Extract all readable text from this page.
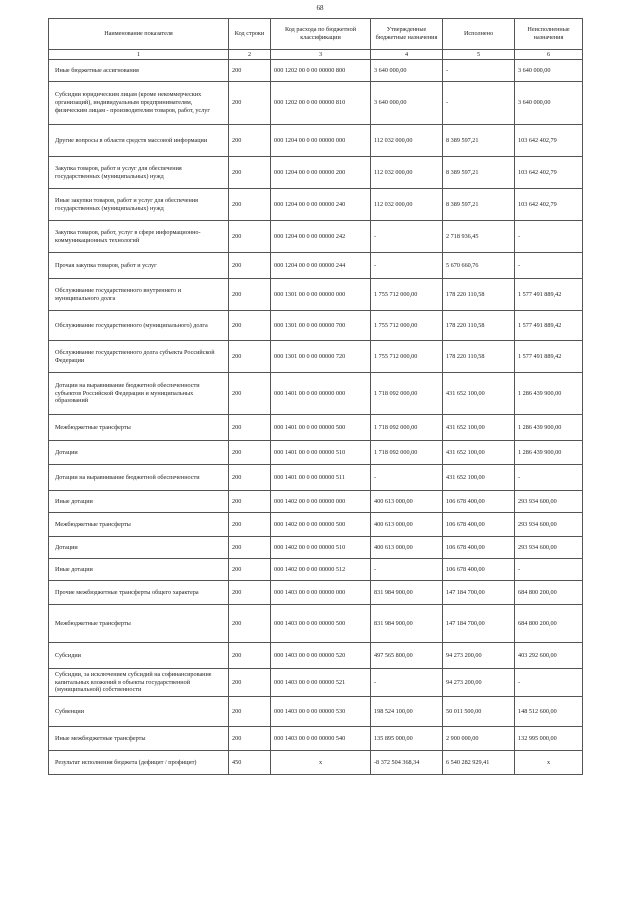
68
Наименование показателя	Код строки	Код расхода по бюджетной классификации	Утвержденные бюджетные назначения	Исполнено	Неисполненные назначения
1	2	3	4	5	6
Иные бюджетные ассигнования	200	000 1202 00 0 00 00000 800	3 640 000,00	-	3 640 000,00
Субсидии юридическим лицам (кроме некоммерческих организаций), индивидуальным предпринимателям, физическим лицам - производителям товаров, работ, услуг	200	000 1202 00 0 00 00000 810	3 640 000,00	-	3 640 000,00
Другие вопросы в области средств массовой информации	200	000 1204 00 0 00 00000 000	112 032 000,00	8 389 597,21	103 642 402,79
Закупка товаров, работ и услуг для обеспечения государственных (муниципальных) нужд	200	000 1204 00 0 00 00000 200	112 032 000,00	8 389 597,21	103 642 402,79
Иные закупки товаров, работ и услуг для обеспечения государственных (муниципальных) нужд	200	000 1204 00 0 00 00000 240	112 032 000,00	8 389 597,21	103 642 402,79
Закупка товаров, работ, услуг в сфере информационно-коммуникационных технологий	200	000 1204 00 0 00 00000 242	-	2 718 936,45	-
Прочая закупка товаров, работ и услуг	200	000 1204 00 0 00 00000 244	-	5 670 660,76	-
Обслуживание государственного внутреннего и муниципального долга	200	000 1301 00 0 00 00000 000	1 755 712 000,00	178 220 110,58	1 577 491 889,42
Обслуживание государственного (муниципального) долга	200	000 1301 00 0 00 00000 700	1 755 712 000,00	178 220 110,58	1 577 491 889,42
Обслуживание государственного долга субъекта Российской Федерации	200	000 1301 00 0 00 00000 720	1 755 712 000,00	178 220 110,58	1 577 491 889,42
Дотации на выравнивание бюджетной обеспеченности субъектов Российской Федерации и муниципальных образований	200	000 1401 00 0 00 00000 000	1 718 092 000,00	431 652 100,00	1 286 439 900,00
Межбюджетные трансферты	200	000 1401 00 0 00 00000 500	1 718 092 000,00	431 652 100,00	1 286 439 900,00
Дотации	200	000 1401 00 0 00 00000 510	1 718 092 000,00	431 652 100,00	1 286 439 900,00
Дотации на выравнивание бюджетной обеспеченности	200	000 1401 00 0 00 00000 511	-	431 652 100,00	-
Иные дотации	200	000 1402 00 0 00 00000 000	400 613 000,00	106 678 400,00	293 934 600,00
Межбюджетные трансферты	200	000 1402 00 0 00 00000 500	400 613 000,00	106 678 400,00	293 934 600,00
Дотации	200	000 1402 00 0 00 00000 510	400 613 000,00	106 678 400,00	293 934 600,00
Иные дотации	200	000 1402 00 0 00 00000 512	-	106 678 400,00	-
Прочие межбюджетные трансферты общего характера	200	000 1403 00 0 00 00000 000	831 984 900,00	147 184 700,00	684 800 200,00
Межбюджетные трансферты	200	000 1403 00 0 00 00000 500	831 984 900,00	147 184 700,00	684 800 200,00
Субсидии	200	000 1403 00 0 00 00000 520	497 565 800,00	94 273 200,00	403 292 600,00
Субсидии, за исключением субсидий на софинансирование капитальных вложений в объекты государственной (муниципальной) собственности	200	000 1403 00 0 00 00000 521	-	94 273 200,00	-
Субвенции	200	000 1403 00 0 00 00000 530	198 524 100,00	50 011 500,00	148 512 600,00
Иные межбюджетные трансферты	200	000 1403 00 0 00 00000 540	135 895 000,00	2 900 000,00	132 995 000,00
Результат исполнения бюджета (дефицит / профицит)	450	x	-8 372 504 368,34	6 540 282 929,41	x
